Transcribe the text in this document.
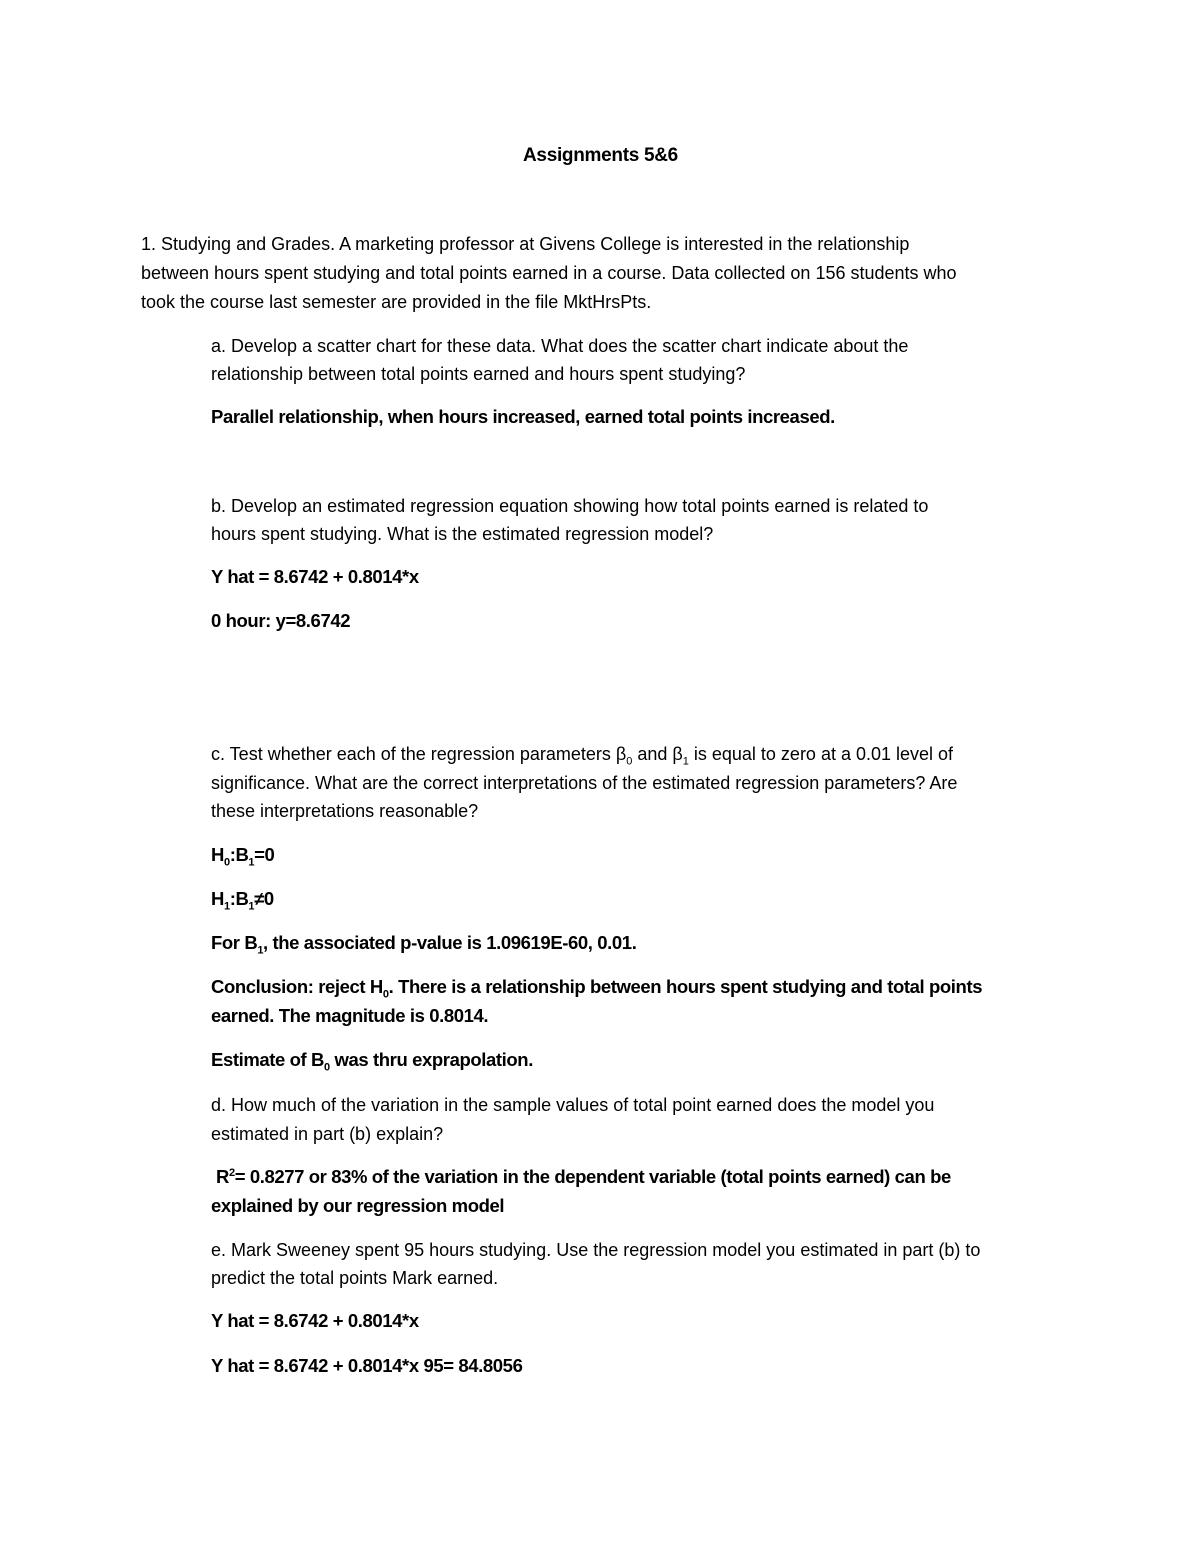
Assignments 5&6
1. Studying and Grades. A marketing professor at Givens College is interested in the relationship
between hours spent studying and total points earned in a course. Data collected on 156 students who
took the course last semester are provided in the file MktHrsPts.
a. Develop a scatter chart for these data. What does the scatter chart indicate about the
relationship between total points earned and hours spent studying?
Parallel relationship, when hours increased, earned total points increased.
b. Develop an estimated regression equation showing how total points earned is related to
hours spent studying. What is the estimated regression model?
Y hat = 8.6742 + 0.8014*x
0 hour: y=8.6742
c. Test whether each of the regression parameters $\beta_0$ and $\beta_1$ is equal to zero at a 0.01 level of
significance. What are the correct interpretations of the estimated regression parameters? Are
these interpretations reasonable?
$H_0:B_1=0$
$H_1:B_1\ne 0$
For $B_1$, the associated p-value is 1.09619E-60, 0.01.
Conclusion: reject $H_0$. There is a relationship between hours spent studying and total points
earned. The magnitude is 0.8014.
Estimate of $B_0$ was thru exprapolation.
d. How much of the variation in the sample values of total point earned does the model you
estimated in part (b) explain?
$R^2= 0.8277$ or 83% of the variation in the dependent variable (total points earned) can be
explained by our regression model
e. Mark Sweeney spent 95 hours studying. Use the regression model you estimated in part (b) to
predict the total points Mark earned.
Y hat = 8.6742 + 0.8014*x
Y hat = 8.6742 + 0.8014*x 95= 84.8056
